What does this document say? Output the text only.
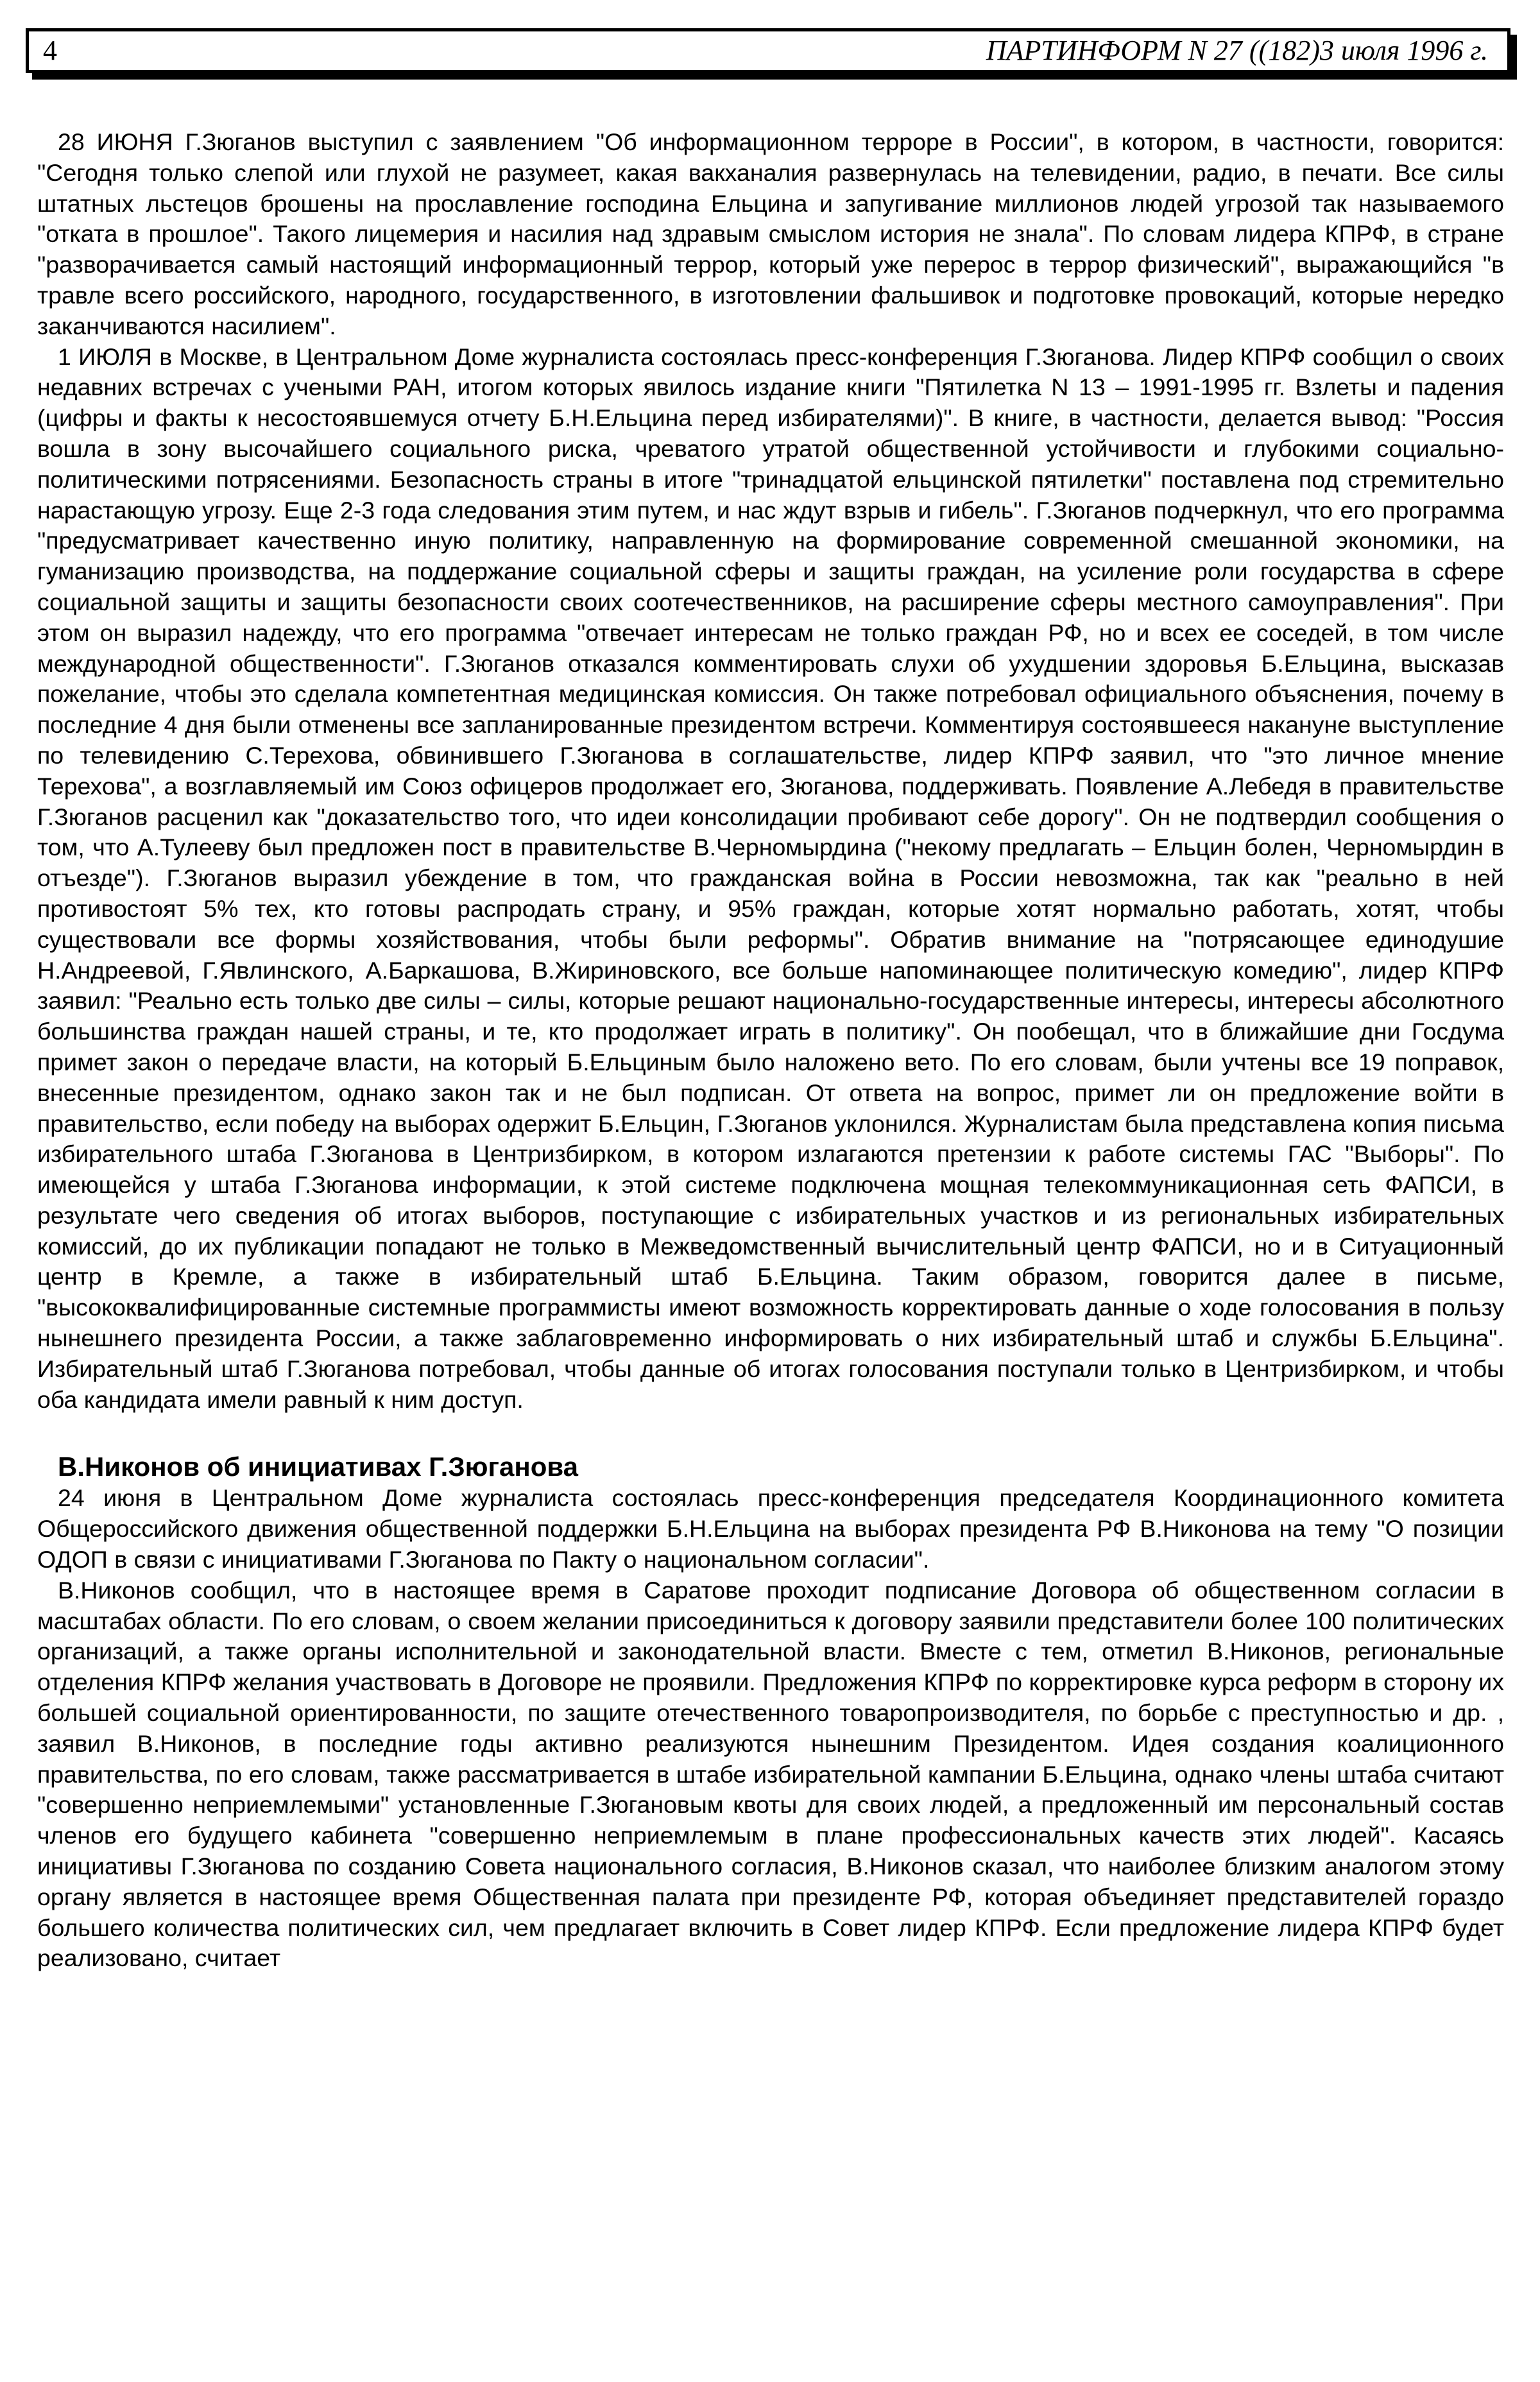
4	ПАРТИНФОРМ N 27 ((182)3 июля 1996 г.

28 ИЮНЯ Г.Зюганов выступил с заявлением "Об информационном терроре в России", в котором, в частности, говорится: "Сегодня только слепой или глухой не разумеет, какая вакханалия развернулась на телевидении, радио, в печати. Все силы штатных льстецов брошены на прославление господина Ельцина и запугивание миллионов людей угрозой так называемого "отката в прошлое". Такого лицемерия и насилия над здравым смыслом история не знала". По словам лидера КПРФ, в стране "разворачивается самый настоящий информационный террор, который уже перерос в террор физический", выражающийся "в травле всего российского, народного, государственного, в изготовлении фальшивок и подготовке провокаций, которые нередко заканчиваются насилием".

1 ИЮЛЯ в Москве, в Центральном Доме журналиста состоялась пресс-конференция Г.Зюганова. Лидер КПРФ сообщил о своих недавних встречах с учеными РАН, итогом которых явилось издание книги "Пятилетка N 13 – 1991-1995 гг. Взлеты и падения (цифры и факты к несостоявшемуся отчету Б.Н.Ельцина перед избирателями)". В книге, в частности, делается вывод: "Россия вошла в зону высочайшего социального риска, чреватого утратой общественной устойчивости и глубокими социально-политическими потрясениями. Безопасность страны в итоге "тринадцатой ельцинской пятилетки" поставлена под стремительно нарастающую угрозу. Еще 2-3 года следования этим путем, и нас ждут взрыв и гибель". Г.Зюганов подчеркнул, что его программа "предусматривает качественно иную политику, направленную на формирование современной смешанной экономики, на гуманизацию производства, на поддержание социальной сферы и защиты граждан, на усиление роли государства в сфере социальной защиты и защиты безопасности своих соотечественников, на расширение сферы местного самоуправления". При этом он выразил надежду, что его программа "отвечает интересам не только граждан РФ, но и всех ее соседей, в том числе международной общественности". Г.Зюганов отказался комментировать слухи об ухудшении здоровья Б.Ельцина, высказав пожелание, чтобы это сделала компетентная медицинская комиссия. Он также потребовал официального объяснения, почему в последние 4 дня были отменены все запланированные президентом встречи. Комментируя состоявшееся накануне выступление по телевидению С.Терехова, обвинившего Г.Зюганова в соглашательстве, лидер КПРФ заявил, что "это личное мнение Терехова", а возглавляемый им Союз офицеров продолжает его, Зюганова, поддерживать. Появление А.Лебедя в правительстве Г.Зюганов расценил как "доказательство того, что идеи консолидации пробивают себе дорогу". Он не подтвердил сообщения о том, что А.Тулееву был предложен пост в правительстве В.Черномырдина ("некому предлагать – Ельцин болен, Черномырдин в отъезде"). Г.Зюганов выразил убеждение в том, что гражданская война в России невозможна, так как "реально в ней противостоят 5% тех, кто готовы распродать страну, и 95% граждан, которые хотят нормально работать, хотят, чтобы существовали все формы хозяйствования, чтобы были реформы". Обратив внимание на "потрясающее единодушие Н.Андреевой, Г.Явлинского, А.Баркашова, В.Жириновского, все больше напоминающее политическую комедию", лидер КПРФ заявил: "Реально есть только две силы – силы, которые решают национально-государственные интересы, интересы абсолютного большинства граждан нашей страны, и те, кто продолжает играть в политику". Он пообещал, что в ближайшие дни Госдума примет закон о передаче власти, на который Б.Ельциным было наложено вето. По его словам, были учтены все 19 поправок, внесенные президентом, однако закон так и не был подписан. От ответа на вопрос, примет ли он предложение войти в правительство, если победу на выборах одержит Б.Ельцин, Г.Зюганов уклонился. Журналистам была представлена копия письма избирательного штаба Г.Зюганова в Центризбирком, в котором излагаются претензии к работе системы ГАС "Выборы". По имеющейся у штаба Г.Зюганова информации, к этой системе подключена мощная телекоммуникационная сеть ФАПСИ, в результате чего сведения об итогах выборов, поступающие с избирательных участков и из региональных избирательных комиссий, до их публикации попадают не только в Межведомственный вычислительный центр ФАПСИ, но и в Ситуационный центр в Кремле, а также в избирательный штаб Б.Ельцина. Таким образом, говорится далее в письме, "высококвалифицированные системные программисты имеют возможность корректировать данные о ходе голосования в пользу нынешнего президента России, а также заблаговременно информировать о них избирательный штаб и службы Б.Ельцина". Избирательный штаб Г.Зюганова потребовал, чтобы данные об итогах голосования поступали только в Центризбирком, и чтобы оба кандидата имели равный к ним доступ.

В.Никонов об инициативах Г.Зюганова

24 июня в Центральном Доме журналиста состоялась пресс-конференция председателя Координационного комитета Общероссийского движения общественной поддержки Б.Н.Ельцина на выборах президента РФ В.Никонова на тему "О позиции ОДОП в связи с инициативами Г.Зюганова по Пакту о национальном согласии".

В.Никонов сообщил, что в настоящее время в Саратове проходит подписание Договора об общественном согласии в масштабах области. По его словам, о своем желании присоединиться к договору заявили представители более 100 политических организаций, а также органы исполнительной и законодательной власти. Вместе с тем, отметил В.Никонов, региональные отделения КПРФ желания участвовать в Договоре не проявили. Предложения КПРФ по корректировке курса реформ в сторону их большей социальной ориентированности, по защите отечественного товаропроизводителя, по борьбе с преступностью и др. , заявил В.Никонов, в последние годы активно реализуются нынешним Президентом. Идея создания коалиционного правительства, по его словам, также рассматривается в штабе избирательной кампании Б.Ельцина, однако члены штаба считают "совершенно неприемлемыми" установленные Г.Зюгановым квоты для своих людей, а предложенный им персональный состав членов его будущего кабинета "совершенно неприемлемым в плане профессиональных качеств этих людей". Касаясь инициативы Г.Зюганова по созданию Совета национального согласия, В.Никонов сказал, что наиболее близким аналогом этому органу является в настоящее время Общественная палата при президенте РФ, которая объединяет представителей гораздо большего количества политических сил, чем предлагает включить в Совет лидер КПРФ. Если предложение лидера КПРФ будет реализовано, считает
